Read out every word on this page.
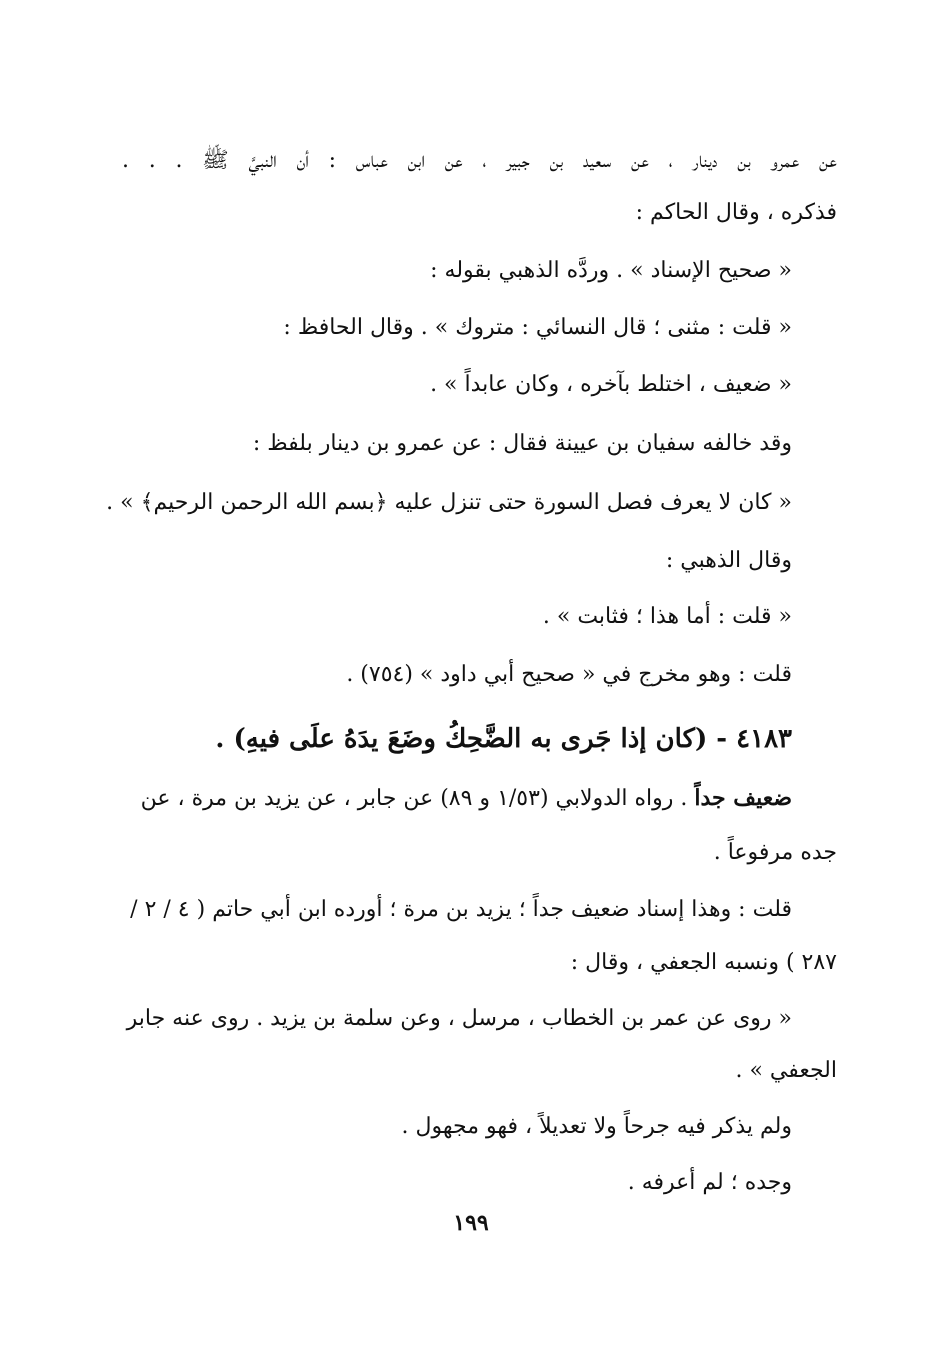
عن عمرو بن دينار ، عن سعيد بن جبير ، عن ابن عباس : أن النبيَّ ﷺ . . .
فذكره ، وقال الحاكم :
« صحيح الإسناد » . وردَّه الذهبي بقوله :
« قلت : مثنى ؛ قال النسائي : متروك » . وقال الحافظ :
« ضعيف ، اختلط بآخره ، وكان عابداً » .
وقد خالفه سفيان بن عيينة فقال : عن عمرو بن دينار بلفظ :
« كان لا يعرف فصل السورة حتى تنزل عليه ﴿بسم الله الرحمن الرحيم﴾ » .
وقال الذهبي :
« قلت : أما هذا ؛ فثابت » .
قلت : وهو مخرج في « صحيح أبي داود » (٧٥٤) .
٤١٨٣ - (كان إذا جَرى به الضَّحِكُ وضَعَ يدَهُ علَى فيهِ) .
ضعيف جداً . رواه الدولابي (١/٥٣ و ٨٩) عن جابر ، عن يزيد بن مرة ، عن
جده مرفوعاً .
قلت : وهذا إسناد ضعيف جداً ؛ يزيد بن مرة ؛ أورده ابن أبي حاتم ( ٤ / ٢ /
٢٨٧ ) ونسبه الجعفي ، وقال :
« روى عن عمر بن الخطاب ، مرسل ، وعن سلمة بن يزيد . روى عنه جابر
الجعفي » .
ولم يذكر فيه جرحاً ولا تعديلاً ، فهو مجهول .
وجده ؛ لم أعرفه .
١٩٩
